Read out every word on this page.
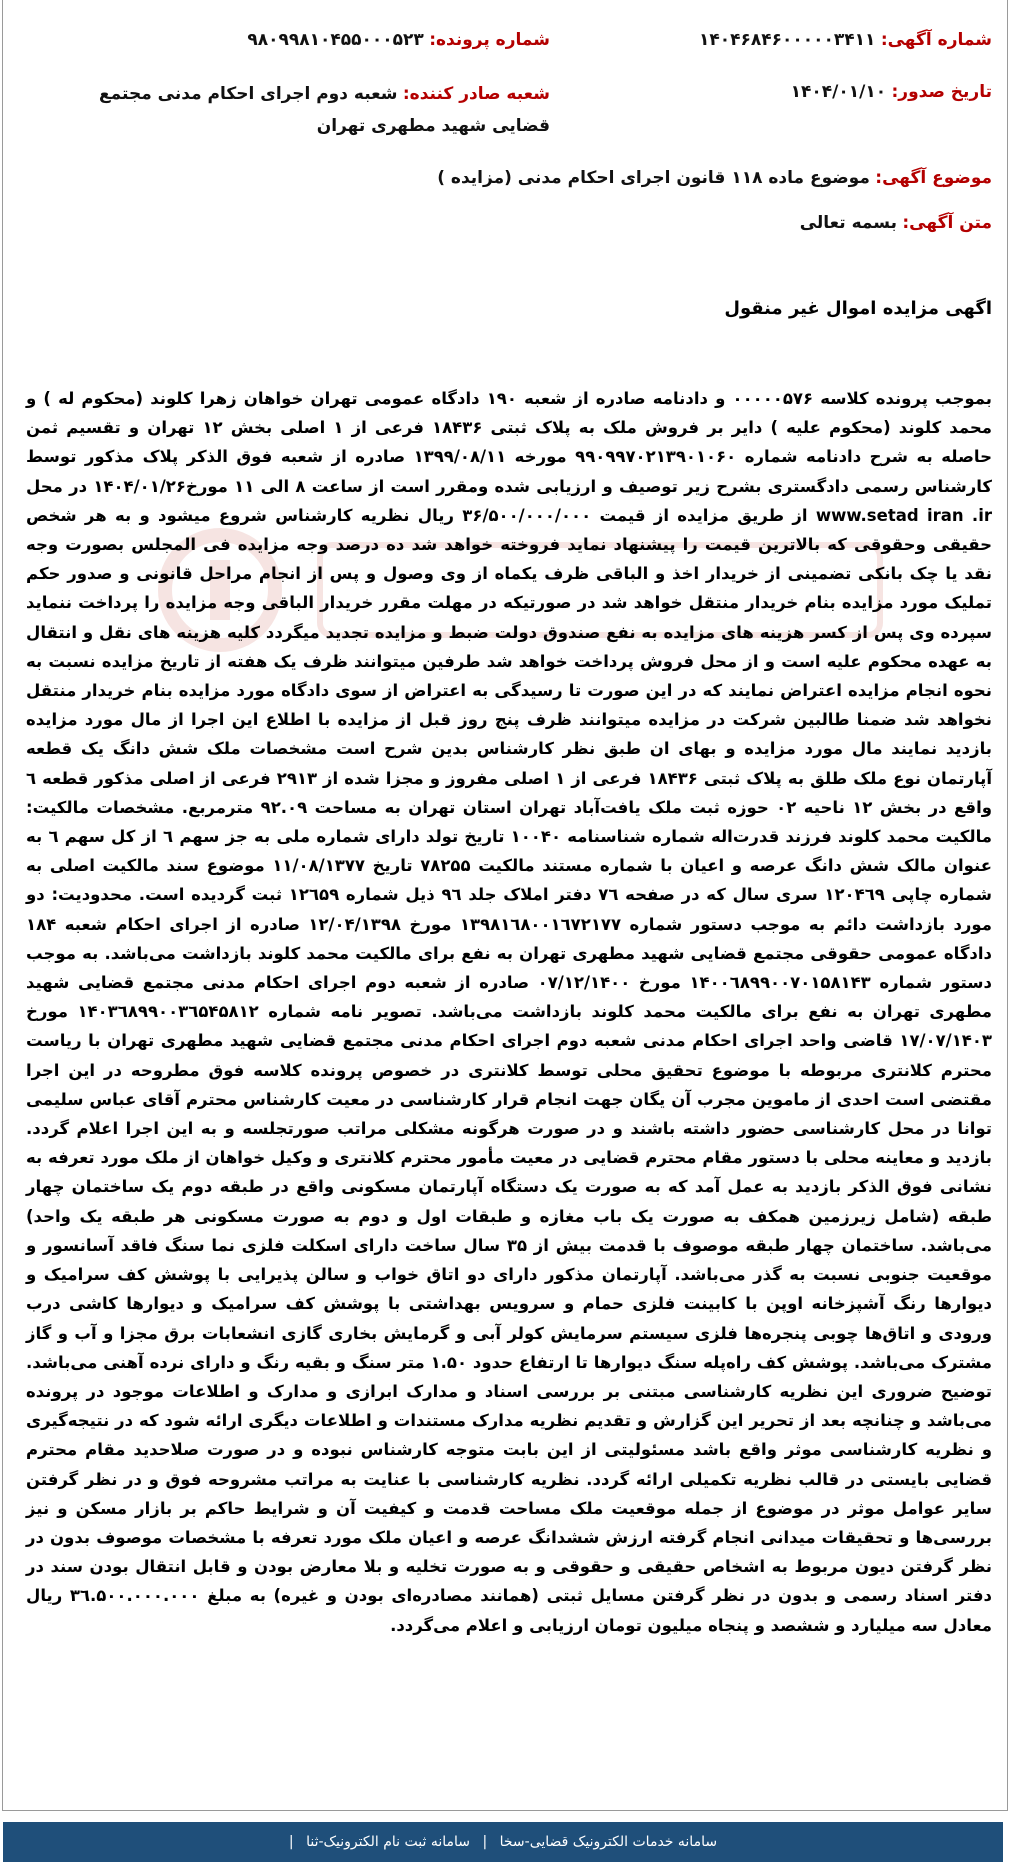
شماره آگهی: ۱۴۰۴۶۸۴۶۰۰۰۰۰۳۴۱۱
شماره پرونده: ۹۸۰۹۹۸۱۰۴۵۵۰۰۰۵۲۳
تاریخ صدور: ۱۴۰۴/۰۱/۱۰
شعبه صادر کننده: شعبه دوم اجرای احکام مدنی مجتمع قضایی شهید مطهری تهران
موضوع آگهی: موضوع ماده ۱۱۸ قانون اجرای احکام مدنی (مزایده )
متن آگهی: بسمه تعالی
اگهی مزایده اموال غیر منقول
بموجب پرونده کلاسه ۰۰۰۰۰۵۷۶ و دادنامه صادره از شعبه ۱۹۰ دادگاه عمومی تهران خواهان زهرا کلوند (محکوم له ) و محمد کلوند (محکوم علیه ) دایر بر فروش ملک به پلاک ثبتی ۱۸۴۳۶ فرعی از ۱ اصلی بخش ۱۲ تهران و تقسیم ثمن حاصله به شرح دادنامه شماره ۹۹۰۹۹۷۰۲۱۳۹۰۱۰۶۰ مورخه ۱۳۹۹/۰۸/۱۱ صادره از شعبه فوق الذکر پلاک مذکور توسط کارشناس رسمی دادگستری بشرح زیر توصیف و ارزیابی شده ومقرر است از ساعت ۸ الی ۱۱ مورخ۱۴۰۴/۰۱/۲۶ در محل www.setad iran .ir از طریق مزایده از قیمت ۳۶/۵۰۰/۰۰۰/۰۰۰ ریال نظریه کارشناس شروع میشود و به هر شخص حقیقی وحقوقی که بالاترین قیمت را پیشنهاد نماید فروخته خواهد شد ده درصد وجه مزایده فی المجلس بصورت وجه نقد یا چک بانکی تضمینی از خریدار اخذ و الباقی ظرف یکماه از وی وصول و پس از انجام مراحل قانونی و صدور حکم تملیک مورد مزایده بنام خریدار منتقل خواهد شد در صورتیکه در مهلت مقرر خریدار الباقی وجه مزایده را پرداخت ننماید سپرده وی پس از کسر هزینه های مزایده به نفع صندوق دولت ضبط و مزایده تجدید میگردد کلیه هزینه های نقل و انتقال به عهده محکوم علیه است و از محل فروش پرداخت خواهد شد طرفین میتوانند ظرف یک هفته از تاریخ مزایده نسبت به نحوه انجام مزایده اعتراض نمایند که در این صورت تا رسیدگی به اعتراض از سوی دادگاه مورد مزایده بنام خریدار منتقل نخواهد شد ضمنا طالبین شرکت در مزایده میتوانند ظرف پنج روز قبل از مزایده با اطلاع این اجرا از مال مورد مزایده بازدید نمایند مال مورد مزایده و بهای ان طبق نظر کارشناس بدین شرح است مشخصات ملک شش دانگ یک قطعه آپارتمان نوع ملک طلق به پلاک ثبتی ۱۸۴۳۶ فرعی از ۱ اصلی مفروز و مجزا شده از ۲۹۱۳ فرعی از اصلی مذکور قطعه ٦ واقع در بخش ۱۲ ناحیه ۰۲ حوزه ثبت ملک یافت‌آباد تهران استان تهران به مساحت ۹۲.۰۹ مترمربع. مشخصات مالکیت: مالکیت محمد کلوند فرزند قدرت‌اله شماره شناسنامه ۱۰۰۴۰ تاریخ تولد دارای شماره ملی به جز سهم ٦ از کل سهم ٦ به عنوان مالک شش دانگ عرصه و اعیان با شماره مستند مالکیت ۷۸۲۵۵ تاریخ ۱۱/۰۸/۱۳۷۷ موضوع سند مالکیت اصلی به شماره چاپی ۱۲۰۴٦۹ سری سال که در صفحه ۷٦ دفتر املاک جلد ۹٦ ذیل شماره ۱۲٦۵۹ ثبت گردیده است. محدودیت: دو مورد بازداشت دائم به موجب دستور شماره ۱۳۹۸۱٦۸۰۰۱٦۷۲۱۷۷ مورخ ۱۲/۰۴/۱۳۹۸ صادره از اجرای احکام شعبه ۱۸۴ دادگاه عمومی حقوقی مجتمع قضایی شهید مطهری تهران به نفع برای مالکیت محمد کلوند بازداشت می‌باشد. به موجب دستور شماره ۱۴۰۰٦۸۹۹۰۰۷۰۱۵۸۱۴۳ مورخ ۰۷/۱۲/۱۴۰۰ صادره از شعبه دوم اجرای احکام مدنی مجتمع قضایی شهید مطهری تهران به نفع برای مالکیت محمد کلوند بازداشت می‌باشد. تصویر نامه شماره ۱۴۰۳٦۸۹۹۰۰۳٦۵۴۵۸۱۲ مورخ ۱۷/۰۷/۱۴۰۳ قاضی واحد اجرای احکام مدنی شعبه دوم اجرای احکام مدنی مجتمع قضایی شهید مطهری تهران با ریاست محترم کلانتری مربوطه با موضوع تحقیق محلی توسط کلانتری در خصوص پرونده کلاسه فوق مطروحه در این اجرا مقتضی است احدی از ماموین مجرب آن یگان جهت انجام قرار کارشناسی در معیت کارشناس محترم آقای عباس سلیمی توانا در محل کارشناسی حضور داشته باشند و در صورت هرگونه مشکلی مراتب صورتجلسه و به این اجرا اعلام گردد. بازدید و معاینه محلی با دستور مقام محترم قضایی در معیت مأمور محترم کلانتری و وکیل خواهان از ملک مورد تعرفه به نشانی فوق الذکر بازدید به عمل آمد که به صورت یک دستگاه آپارتمان مسکونی واقع در طبقه دوم یک ساختمان چهار طبقه (شامل زیرزمین همکف به صورت یک باب مغازه و طبقات اول و دوم به صورت مسکونی هر طبقه یک واحد) می‌باشد. ساختمان چهار طبقه موصوف با قدمت بیش از ۳۵ سال ساخت دارای اسکلت فلزی نما سنگ فاقد آسانسور و موقعیت جنوبی نسبت به گذر می‌باشد. آپارتمان مذکور دارای دو اتاق خواب و سالن پذیرایی با پوشش کف سرامیک و دیوارها رنگ آشپزخانه اوپن با کابینت فلزی حمام و سرویس بهداشتی با پوشش کف سرامیک و دیوارها کاشی درب ورودی و اتاق‌ها چوبی پنجره‌ها فلزی سیستم سرمایش کولر آبی و گرمایش بخاری گازی انشعابات برق مجزا و آب و گاز مشترک می‌باشد. پوشش کف راه‌پله سنگ دیوارها تا ارتفاع حدود ۱.۵۰ متر سنگ و بقیه رنگ و دارای نرده آهنی می‌باشد. توضیح ضروری این نظریه کارشناسی مبتنی بر بررسی اسناد و مدارک ابرازی و مدارک و اطلاعات موجود در پرونده می‌باشد و چنانچه بعد از تحریر این گزارش و تقدیم نظریه مدارک مستندات و اطلاعات دیگری ارائه شود که در نتیجه‌گیری و نظریه کارشناسی موثر واقع باشد مسئولیتی از این بابت متوجه کارشناس نبوده و در صورت صلاحدید مقام محترم قضایی بایستی در قالب نظریه تکمیلی ارائه گردد. نظریه کارشناسی با عنایت به مراتب مشروحه فوق و در نظر گرفتن سایر عوامل موثر در موضوع از جمله موقعیت ملک مساحت قدمت و کیفیت آن و شرایط حاکم بر بازار مسکن و نیز بررسی‌ها و تحقیقات میدانی انجام گرفته ارزش ششدانگ عرصه و اعیان ملک مورد تعرفه با مشخصات موصوف بدون در نظر گرفتن دیون مربوط به اشخاص حقیقی و حقوقی و به صورت تخلیه و بلا معارض بودن و قابل انتقال بودن سند در دفتر اسناد رسمی و بدون در نظر گرفتن مسایل ثبتی (همانند مصادره‌ای بودن و غیره) به مبلغ ۳٦.۵۰۰.۰۰۰.۰۰۰ ریال معادل سه میلیارد و ششصد و پنجاه میلیون تومان ارزیابی و اعلام می‌گردد.
سامانه خدمات الکترونیک قضایی-سخا | سامانه ثبت نام الکترونیک-ثنا |
